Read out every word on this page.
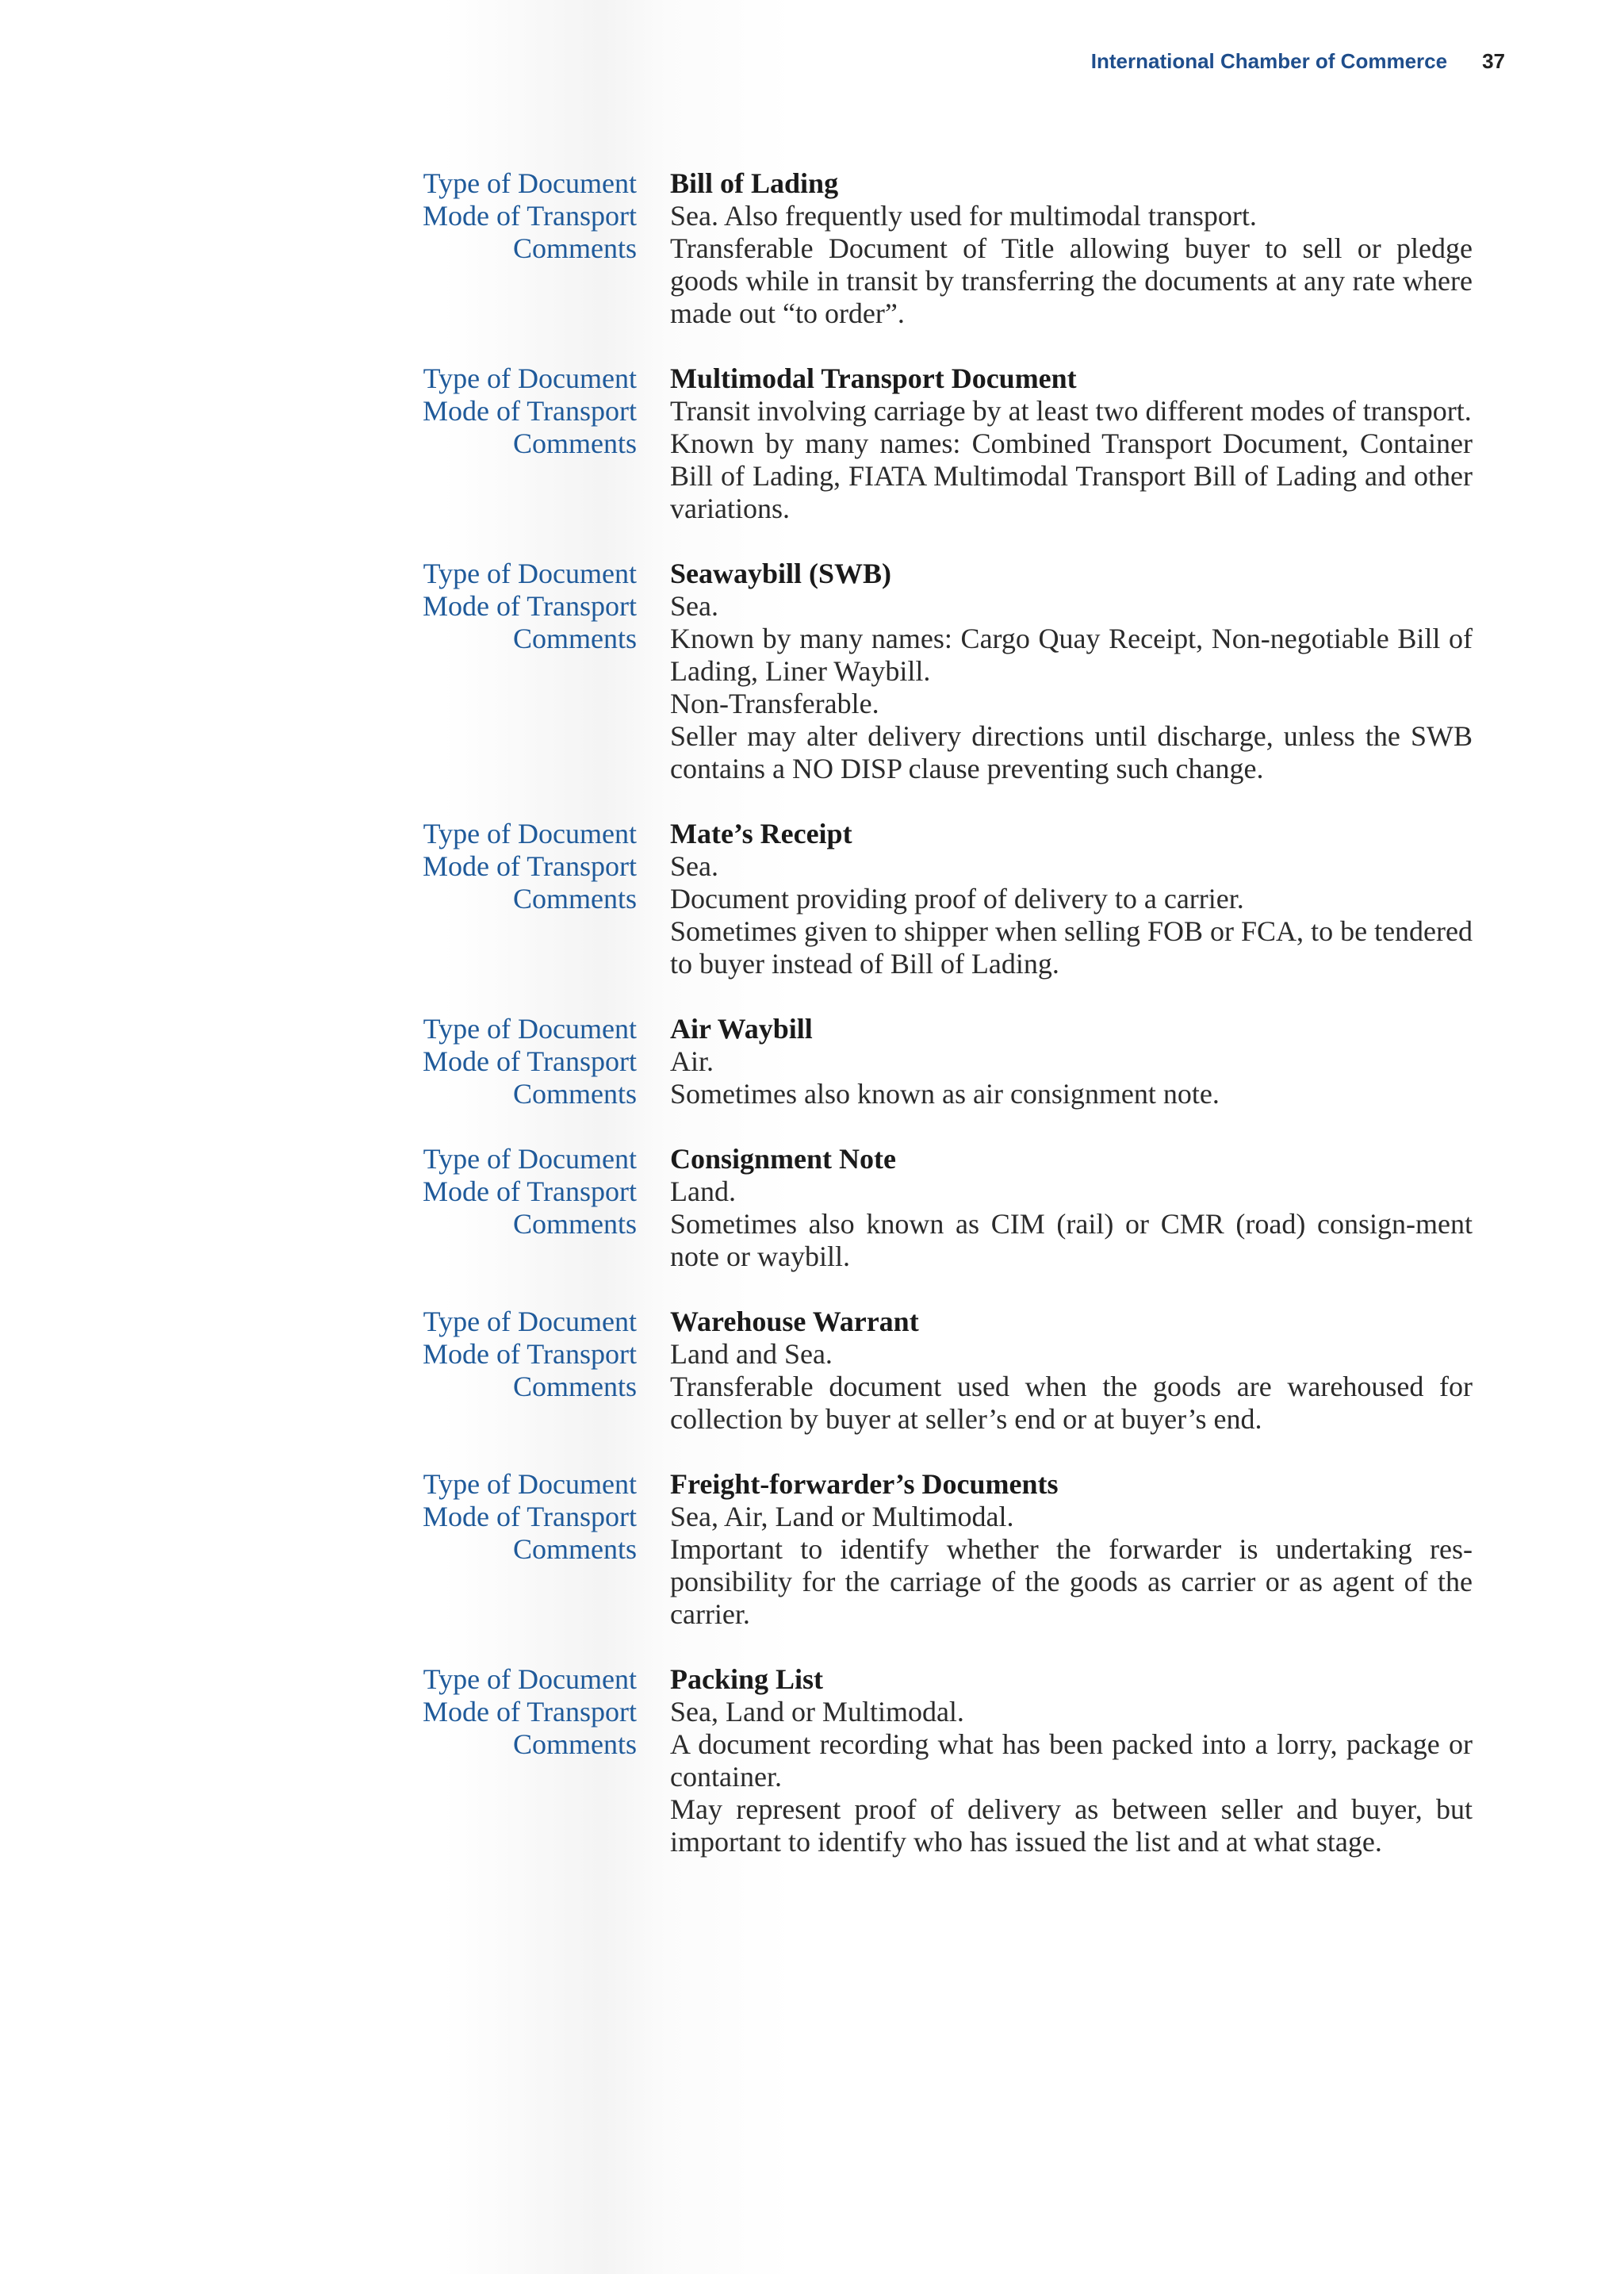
International Chamber of Commerce 37
Type of Document Bill of Lading
Mode of Transport Sea. Also frequently used for multimodal transport.
Comments Transferable Document of Title allowing buyer to sell or pledge goods while in transit by transferring the documents at any rate where made out “to order”.
Type of Document Multimodal Transport Document
Mode of Transport Transit involving carriage by at least two different modes of transport.
Comments Known by many names: Combined Transport Document, Container Bill of Lading, FIATA Multimodal Transport Bill of Lading and other variations.
Type of Document Seawaybill (SWB)
Mode of Transport Sea.
Comments Known by many names: Cargo Quay Receipt, Non-negotiable Bill of Lading, Liner Waybill.
Non-Transferable.
Seller may alter delivery directions until discharge, unless the SWB contains a NO DISP clause preventing such change.
Type of Document Mate’s Receipt
Mode of Transport Sea.
Comments Document providing proof of delivery to a carrier.
Sometimes given to shipper when selling FOB or FCA, to be tendered to buyer instead of Bill of Lading.
Type of Document Air Waybill
Mode of Transport Air.
Comments Sometimes also known as air consignment note.
Type of Document Consignment Note
Mode of Transport Land.
Comments Sometimes also known as CIM (rail) or CMR (road) consign-ment note or waybill.
Type of Document Warehouse Warrant
Mode of Transport Land and Sea.
Comments Transferable document used when the goods are warehoused for collection by buyer at seller’s end or at buyer’s end.
Type of Document Freight-forwarder’s Documents
Mode of Transport Sea, Air, Land or Multimodal.
Comments Important to identify whether the forwarder is undertaking res-ponsibility for the carriage of the goods as carrier or as agent of the carrier.
Type of Document Packing List
Mode of Transport Sea, Land or Multimodal.
Comments A document recording what has been packed into a lorry, package or container.
May represent proof of delivery as between seller and buyer, but important to identify who has issued the list and at what stage.
